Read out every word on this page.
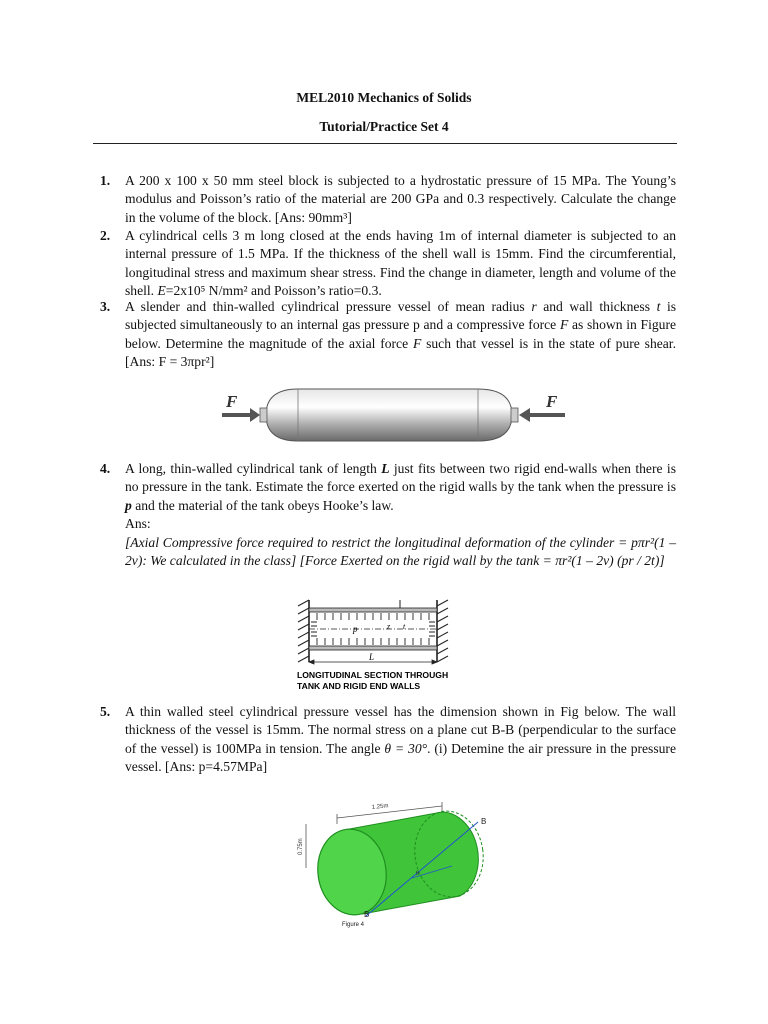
MEL2010 Mechanics of Solids
Tutorial/Practice Set 4
1.	A 200 x 100 x 50 mm steel block is subjected to a hydrostatic pressure of 15 MPa. The Young’s modulus and Poisson’s ratio of the material are 200 GPa and 0.3 respectively. Calculate the change in the volume of the block. [Ans: 90mm³]
2.	A cylindrical cells 3 m long closed at the ends having 1m of internal diameter is subjected to an internal pressure of 1.5 MPa. If the thickness of the shell wall is 15mm. Find the circumferential, longitudinal stress and maximum shear stress. Find the change in diameter, length and volume of the shell. E=2x10⁵ N/mm² and Poisson’s ratio=0.3.
3.	A slender and thin-walled cylindrical pressure vessel of mean radius r and wall thickness t is subjected simultaneously to an internal gas pressure p and a compressive force F as shown in Figure below. Determine the magnitude of the axial force F such that vessel is in the state of pure shear. [Ans: F = 3πpr²]
F	F
4.	A long, thin-walled cylindrical tank of length L just fits between two rigid end-walls when there is no pressure in the tank. Estimate the force exerted on the rigid walls by the tank when the pressure is p and the material of the tank obeys Hooke’s law.
Ans:
[Axial Compressive force required to restrict the longitudinal deformation of the cylinder = pπr²(1 – 2ν): We calculated in the class] [Force Exerted on the rigid wall by the tank = πr²(1 – 2ν) (pr / 2t)]
p	z t
L
LONGITUDINAL SECTION THROUGH
TANK AND RIGID END WALLS
5.	A thin walled steel cylindrical pressure vessel has the dimension shown in Fig below. The wall thickness of the vessel is 15mm. The normal stress on a plane cut B-B (perpendicular to the surface of the vessel) is 100MPa in tension. The angle θ = 30°. (i) Detemine the air pressure in the pressure vessel. [Ans: p=4.57MPa]
1.25m
0.75m
θ
B
B
Figure 4
